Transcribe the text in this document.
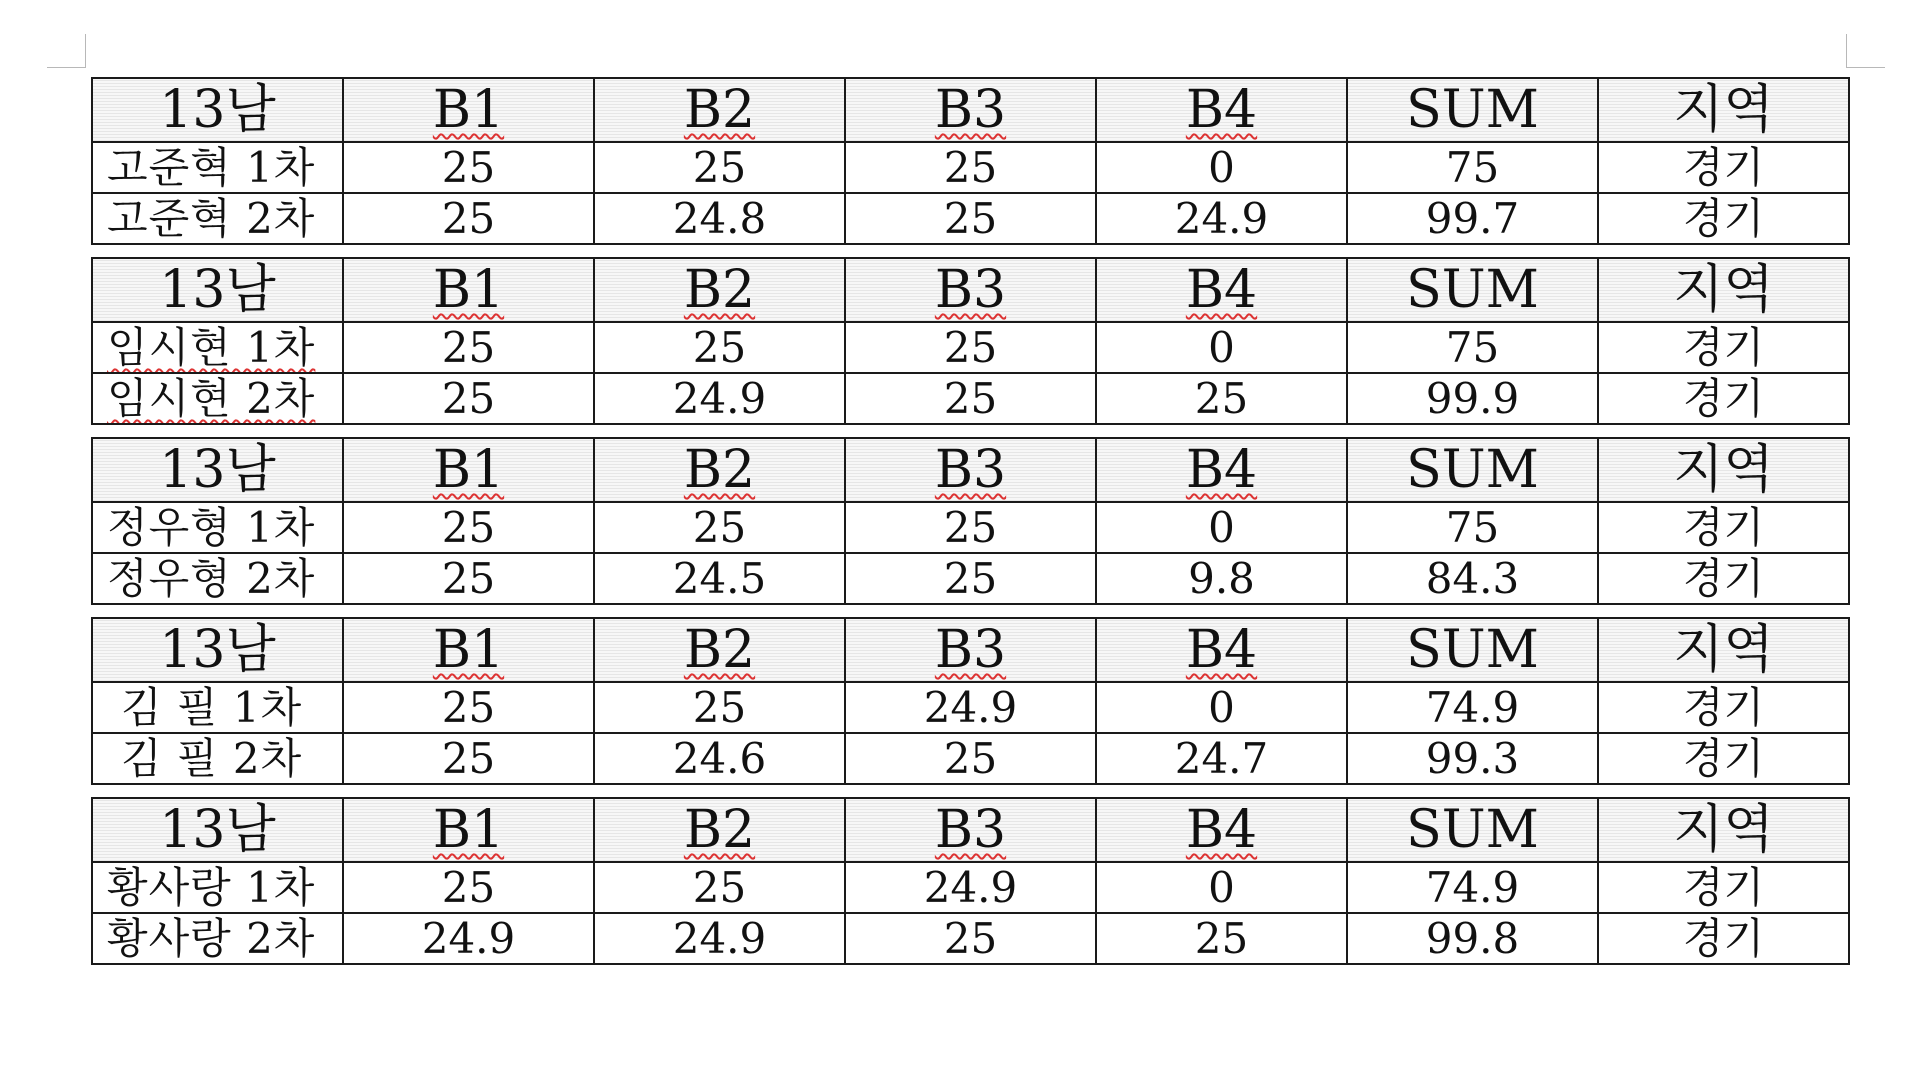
13남	B1	B2	B3	B4	SUM	지역
고준혁 1차	25	25	25	0	75	경기
고준혁 2차	25	24.8	25	24.9	99.7	경기
13남	B1	B2	B3	B4	SUM	지역
임시현 1차	25	25	25	0	75	경기
임시현 2차	25	24.9	25	25	99.9	경기
13남	B1	B2	B3	B4	SUM	지역
정우형 1차	25	25	25	0	75	경기
정우형 2차	25	24.5	25	9.8	84.3	경기
13남	B1	B2	B3	B4	SUM	지역
김 필 1차	25	25	24.9	0	74.9	경기
김 필 2차	25	24.6	25	24.7	99.3	경기
13남	B1	B2	B3	B4	SUM	지역
황사랑 1차	25	25	24.9	0	74.9	경기
황사랑 2차	24.9	24.9	25	25	99.8	경기
